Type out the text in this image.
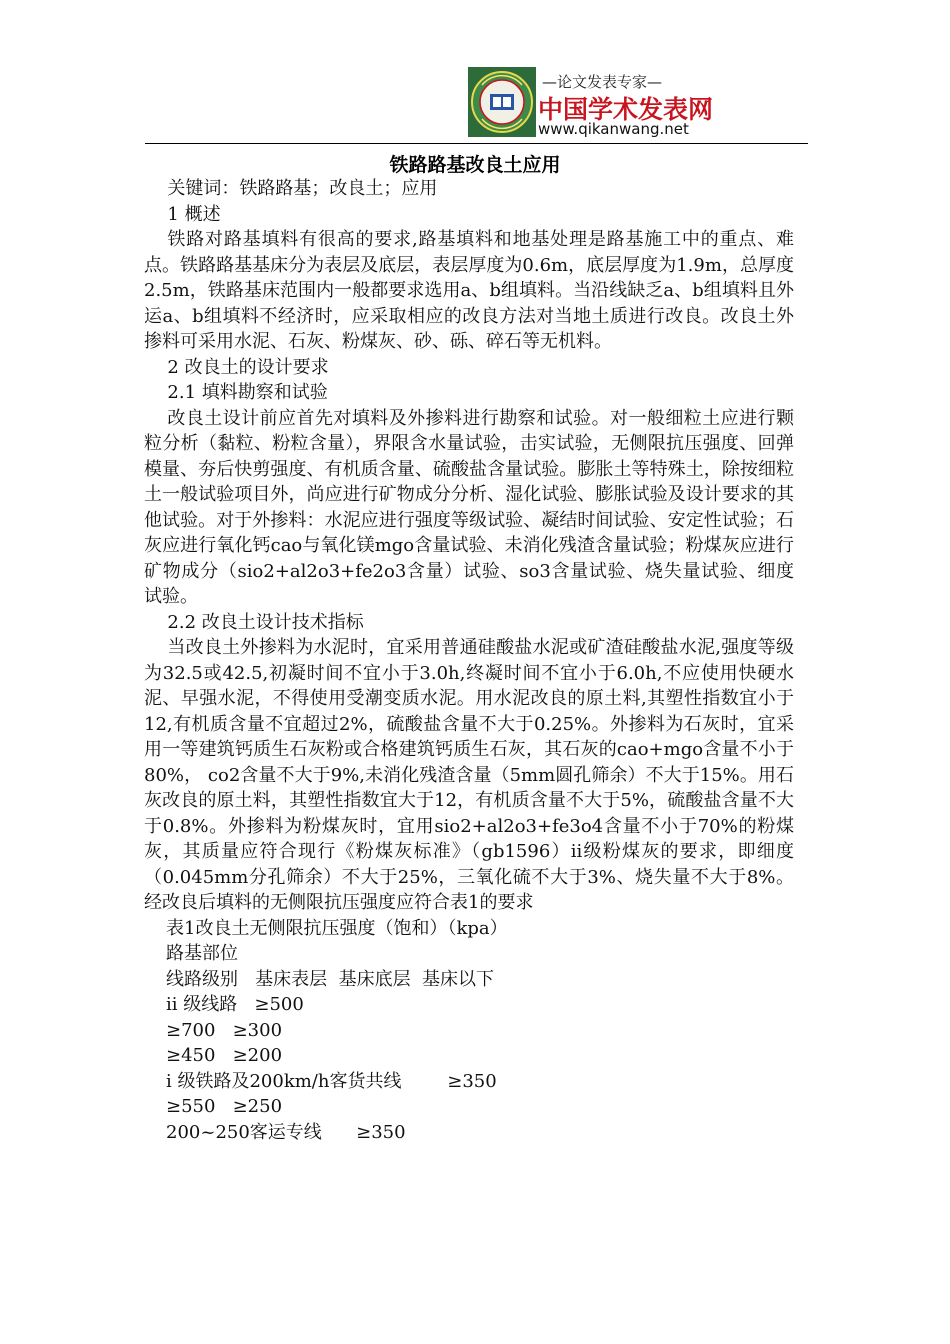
—论文发表专家—
中国学术发表网
www.qikanwang.net
铁路路基改良土应用

关键词：铁路路基；改良土；应用

1 概述

铁路对路基填料有很高的要求,路基填料和地基处理是路基施工中的重点、难点。铁路路基基床分为表层及底层，表层厚度为0.6m，底层厚度为1.9m，总厚度2.5m，铁路基床范围内一般都要求选用a、b组填料。当沿线缺乏a、b组填料且外运a、b组填料不经济时，应采取相应的改良方法对当地土质进行改良。改良土外掺料可采用水泥、石灰、粉煤灰、砂、砾、碎石等无机料。

2 改良土的设计要求

2.1 填料勘察和试验

改良土设计前应首先对填料及外掺料进行勘察和试验。对一般细粒土应进行颗粒分析（黏粒、粉粒含量），界限含水量试验，击实试验，无侧限抗压强度、回弹模量、夯后快剪强度、有机质含量、硫酸盐含量试验。膨胀土等特殊土，除按细粒土一般试验项目外，尚应进行矿物成分分析、湿化试验、膨胀试验及设计要求的其他试验。对于外掺料：水泥应进行强度等级试验、凝结时间试验、安定性试验；石灰应进行氧化钙cao与氧化镁mgo含量试验、未消化残渣含量试验；粉煤灰应进行矿物成分（sio2+al2o3+fe2o3含量）试验、so3含量试验、烧失量试验、细度试验。

2.2 改良土设计技术指标

当改良土外掺料为水泥时，宜采用普通硅酸盐水泥或矿渣硅酸盐水泥,强度等级为32.5或42.5,初凝时间不宜小于3.0h,终凝时间不宜小于6.0h,不应使用快硬水泥、早强水泥，不得使用受潮变质水泥。用水泥改良的原土料,其塑性指数宜小于12,有机质含量不宜超过2%，硫酸盐含量不大于0.25%。外掺料为石灰时，宜采用一等建筑钙质生石灰粉或合格建筑钙质生石灰，其石灰的cao+mgo含量不小于80%， co2含量不大于9%,未消化残渣含量（5mm圆孔筛余）不大于15%。用石灰改良的原土料，其塑性指数宜大于12，有机质含量不大于5%，硫酸盐含量不大于0.8%。外掺料为粉煤灰时，宜用sio2+al2o3+fe3o4含量不小于70%的粉煤灰，其质量应符合现行《粉煤灰标准》（gb1596）ⅱ级粉煤灰的要求，即细度（0.045mm分孔筛余）不大于25%，三氧化硫不大于3%、烧失量不大于8%。经改良后填料的无侧限抗压强度应符合表1的要求

表1改良土无侧限抗压强度（饱和）（kpa）
路基部位
线路级别   基床表层  基床底层  基床以下
ⅱ 级线路   ≥500
≥700   ≥300
≥450   ≥200
ⅰ 级铁路及200km/h客货共线        ≥350
≥550   ≥250
200~250客运专线      ≥350
